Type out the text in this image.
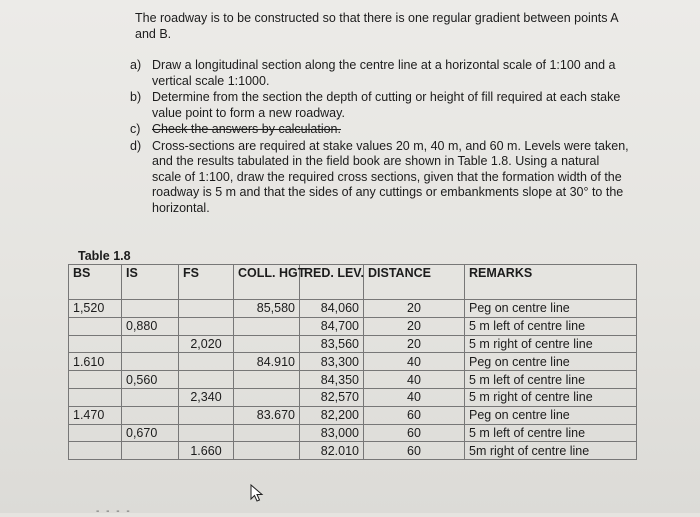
The roadway is to be constructed so that there is one regular gradient between points A and B.
a) Draw a longitudinal section along the centre line at a horizontal scale of 1:100 and a vertical scale 1:1000.
b) Determine from the section the depth of cutting or height of fill required at each stake value point to form a new roadway.
c) Check the answers by calculation.
d) Cross-sections are required at stake values 20 m, 40 m, and 60 m. Levels were taken, and the results tabulated in the field book are shown in Table 1.8. Using a natural scale of 1:100, draw the required cross sections, given that the formation width of the roadway is 5 m and that the sides of any cuttings or embankments slope at 30° to the horizontal.
Table 1.8
BS	IS	FS	COLL. HGT.	RED. LEV.	DISTANCE	REMARKS
1,520			85,580	84,060	20	Peg on centre line
	0,880			84,700	20	5 m left of centre line
		2,020		83,560	20	5 m right of centre line
1.610			84.910	83,300	40	Peg on centre line
	0,560			84,350	40	5 m left of centre line
		2,340		82,570	40	5 m right of centre line
1.470			83.670	82,200	60	Peg on centre line
	0,670			83,000	60	5 m left of centre line
		1.660		82.010	60	5m right of centre line
- - - -
